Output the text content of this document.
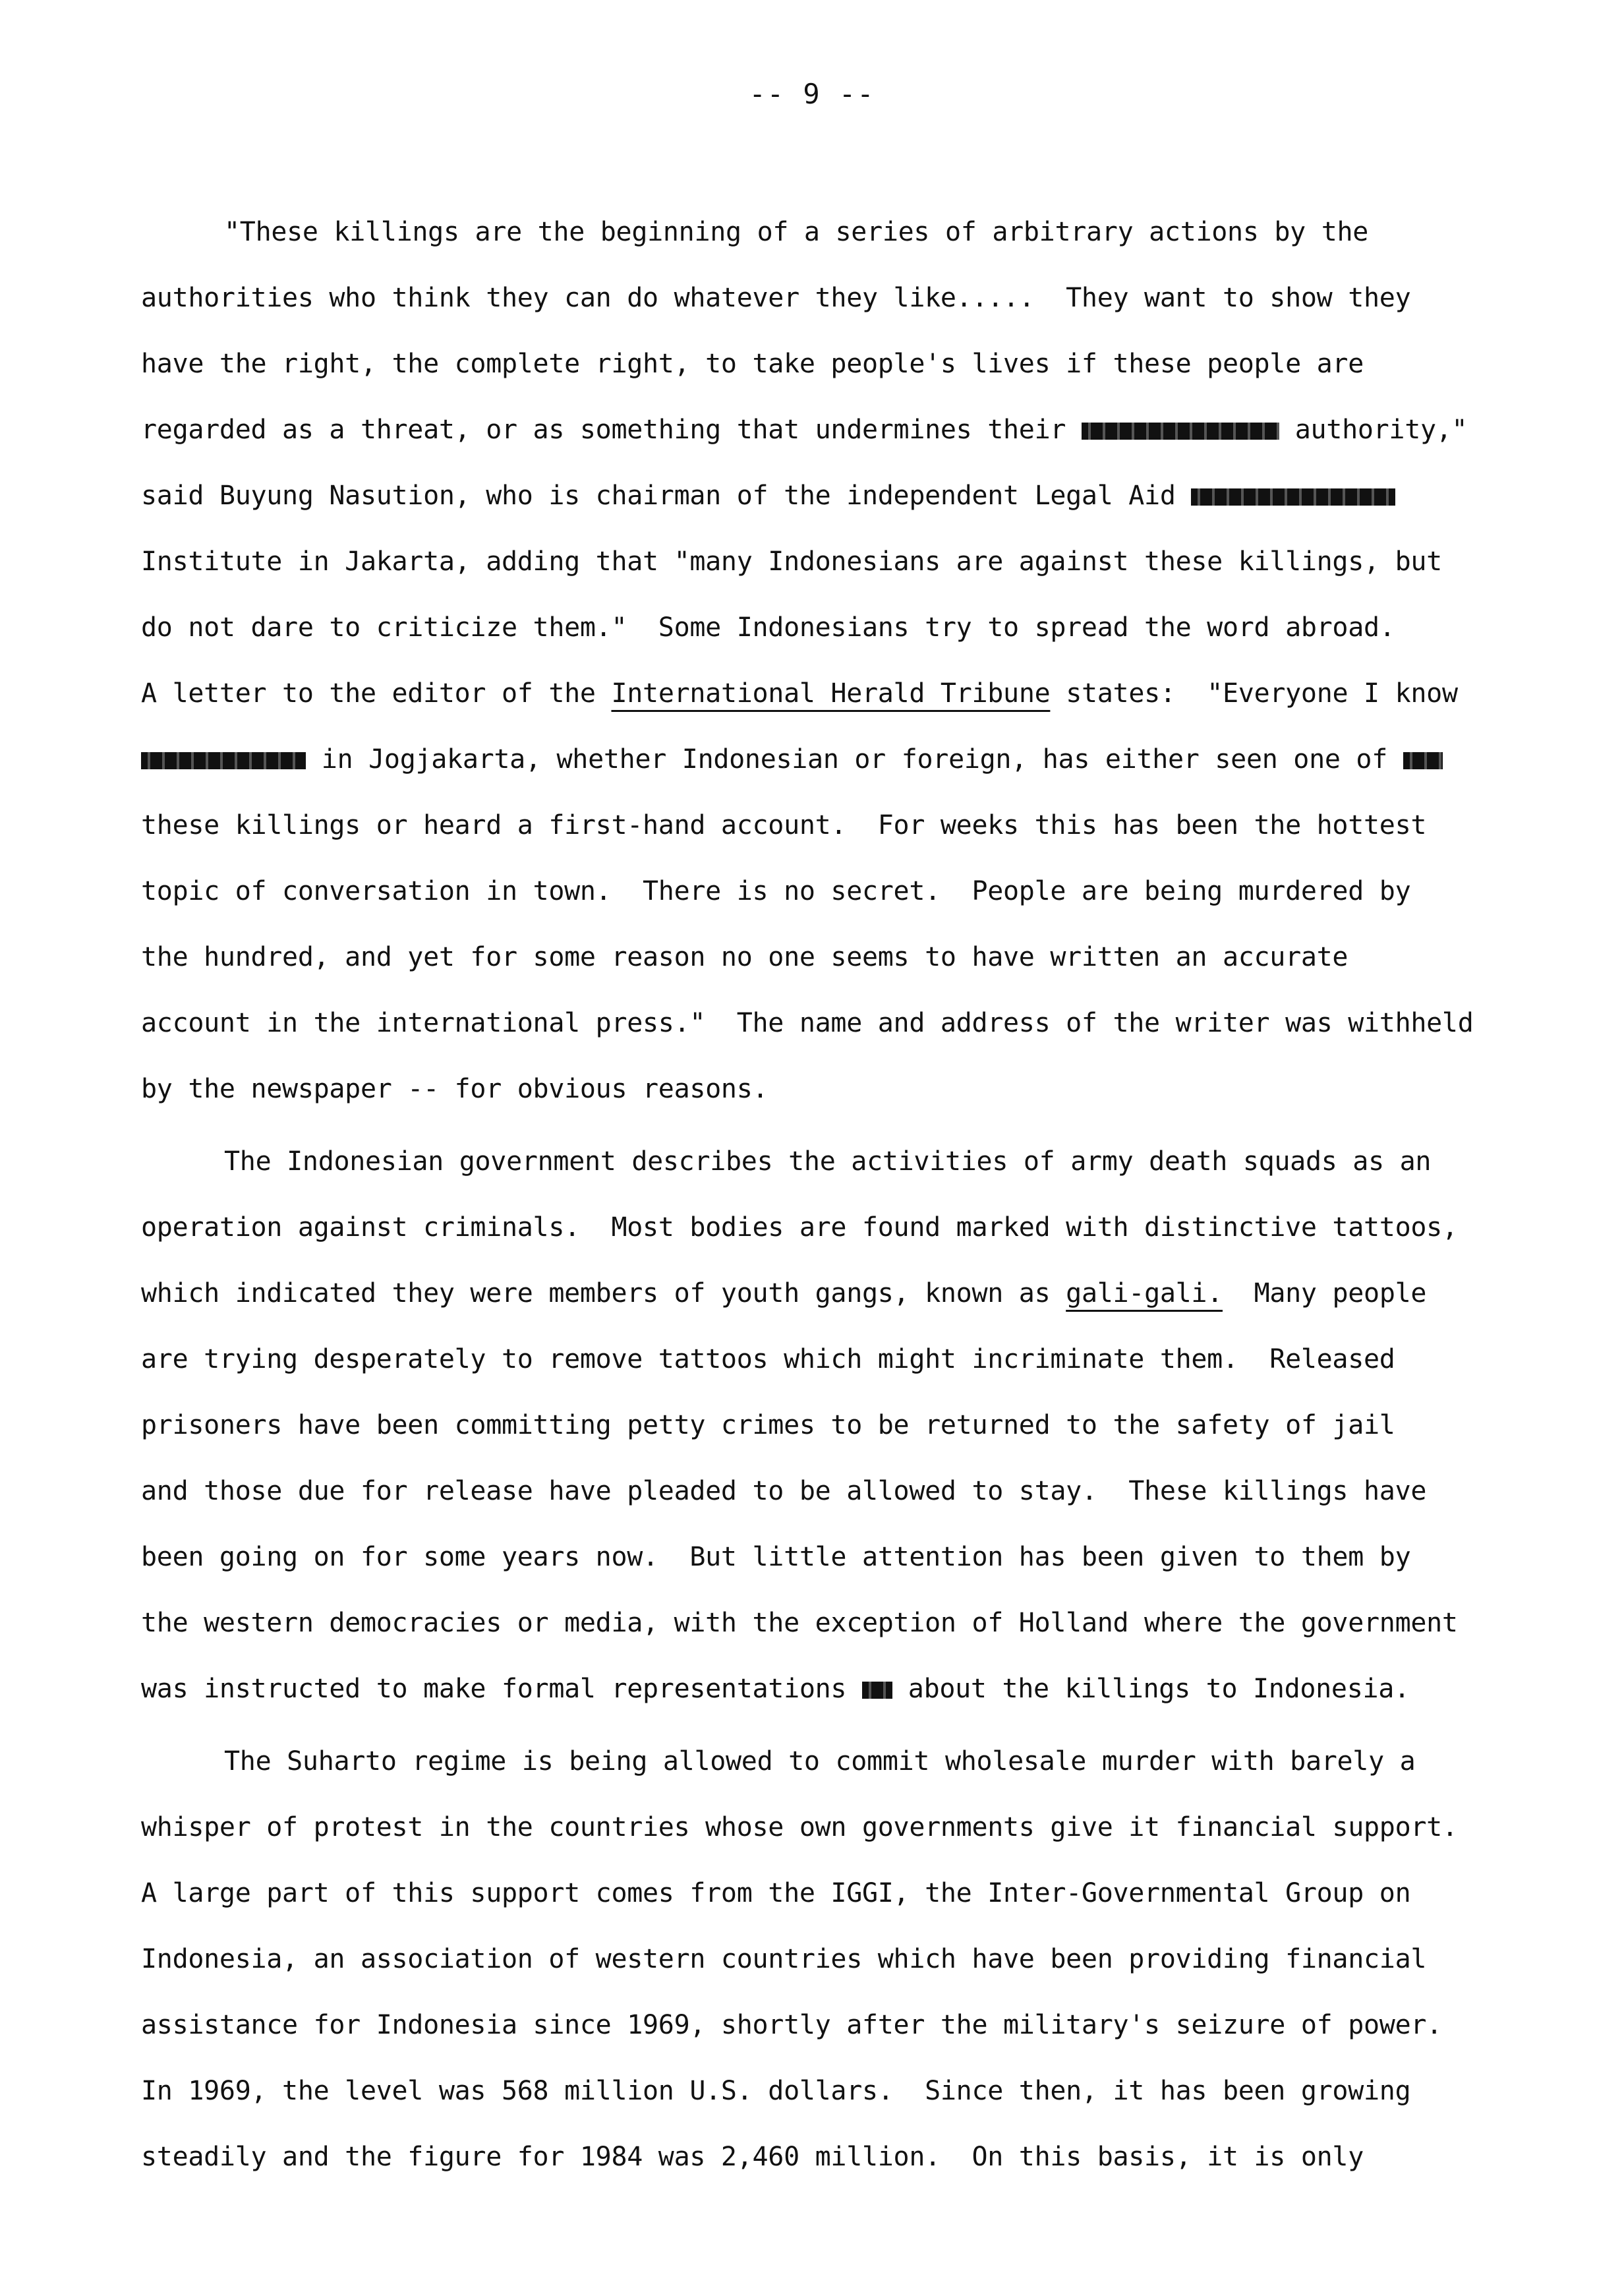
-- 9 --
"These killings are the beginning of a series of arbitrary actions by the
authorities who think they can do whatever they like.....  They want to show they
have the right, the complete right, to take people's lives if these people are
regarded as a threat, or as something that undermines their	authority,"
said Buyung Nasution, who is chairman of the independent Legal Aid
Institute in Jakarta, adding that "many Indonesians are against these killings, but
do not dare to criticize them."  Some Indonesians try to spread the word abroad.
A letter to the editor of the International Herald Tribune states:  "Everyone I know
in Jogjakarta, whether Indonesian or foreign, has either seen one of
these killings or heard a first-hand account.  For weeks this has been the hottest
topic of conversation in town.  There is no secret.  People are being murdered by
the hundred, and yet for some reason no one seems to have written an accurate
account in the international press."  The name and address of the writer was withheld
by the newspaper -- for obvious reasons.
The Indonesian government describes the activities of army death squads as an
operation against criminals.  Most bodies are found marked with distinctive tattoos,
which indicated they were members of youth gangs, known as gali-gali. Many people
are trying desperately to remove tattoos which might incriminate them.  Released
prisoners have been committing petty crimes to be returned to the safety of jail
and those due for release have pleaded to be allowed to stay.  These killings have
been going on for some years now.  But little attention has been given to them by
the western democracies or media, with the exception of Holland where the government
was instructed to make formal representations about the killings to Indonesia.
The Suharto regime is being allowed to commit wholesale murder with barely a
whisper of protest in the countries whose own governments give it financial support.
A large part of this support comes from the IGGI, the Inter-Governmental Group on
Indonesia, an association of western countries which have been providing financial
assistance for Indonesia since 1969, shortly after the military's seizure of power.
In 1969, the level was 568 million U.S. dollars.  Since then, it has been growing
steadily and the figure for 1984 was 2,460 million.  On this basis, it is only
